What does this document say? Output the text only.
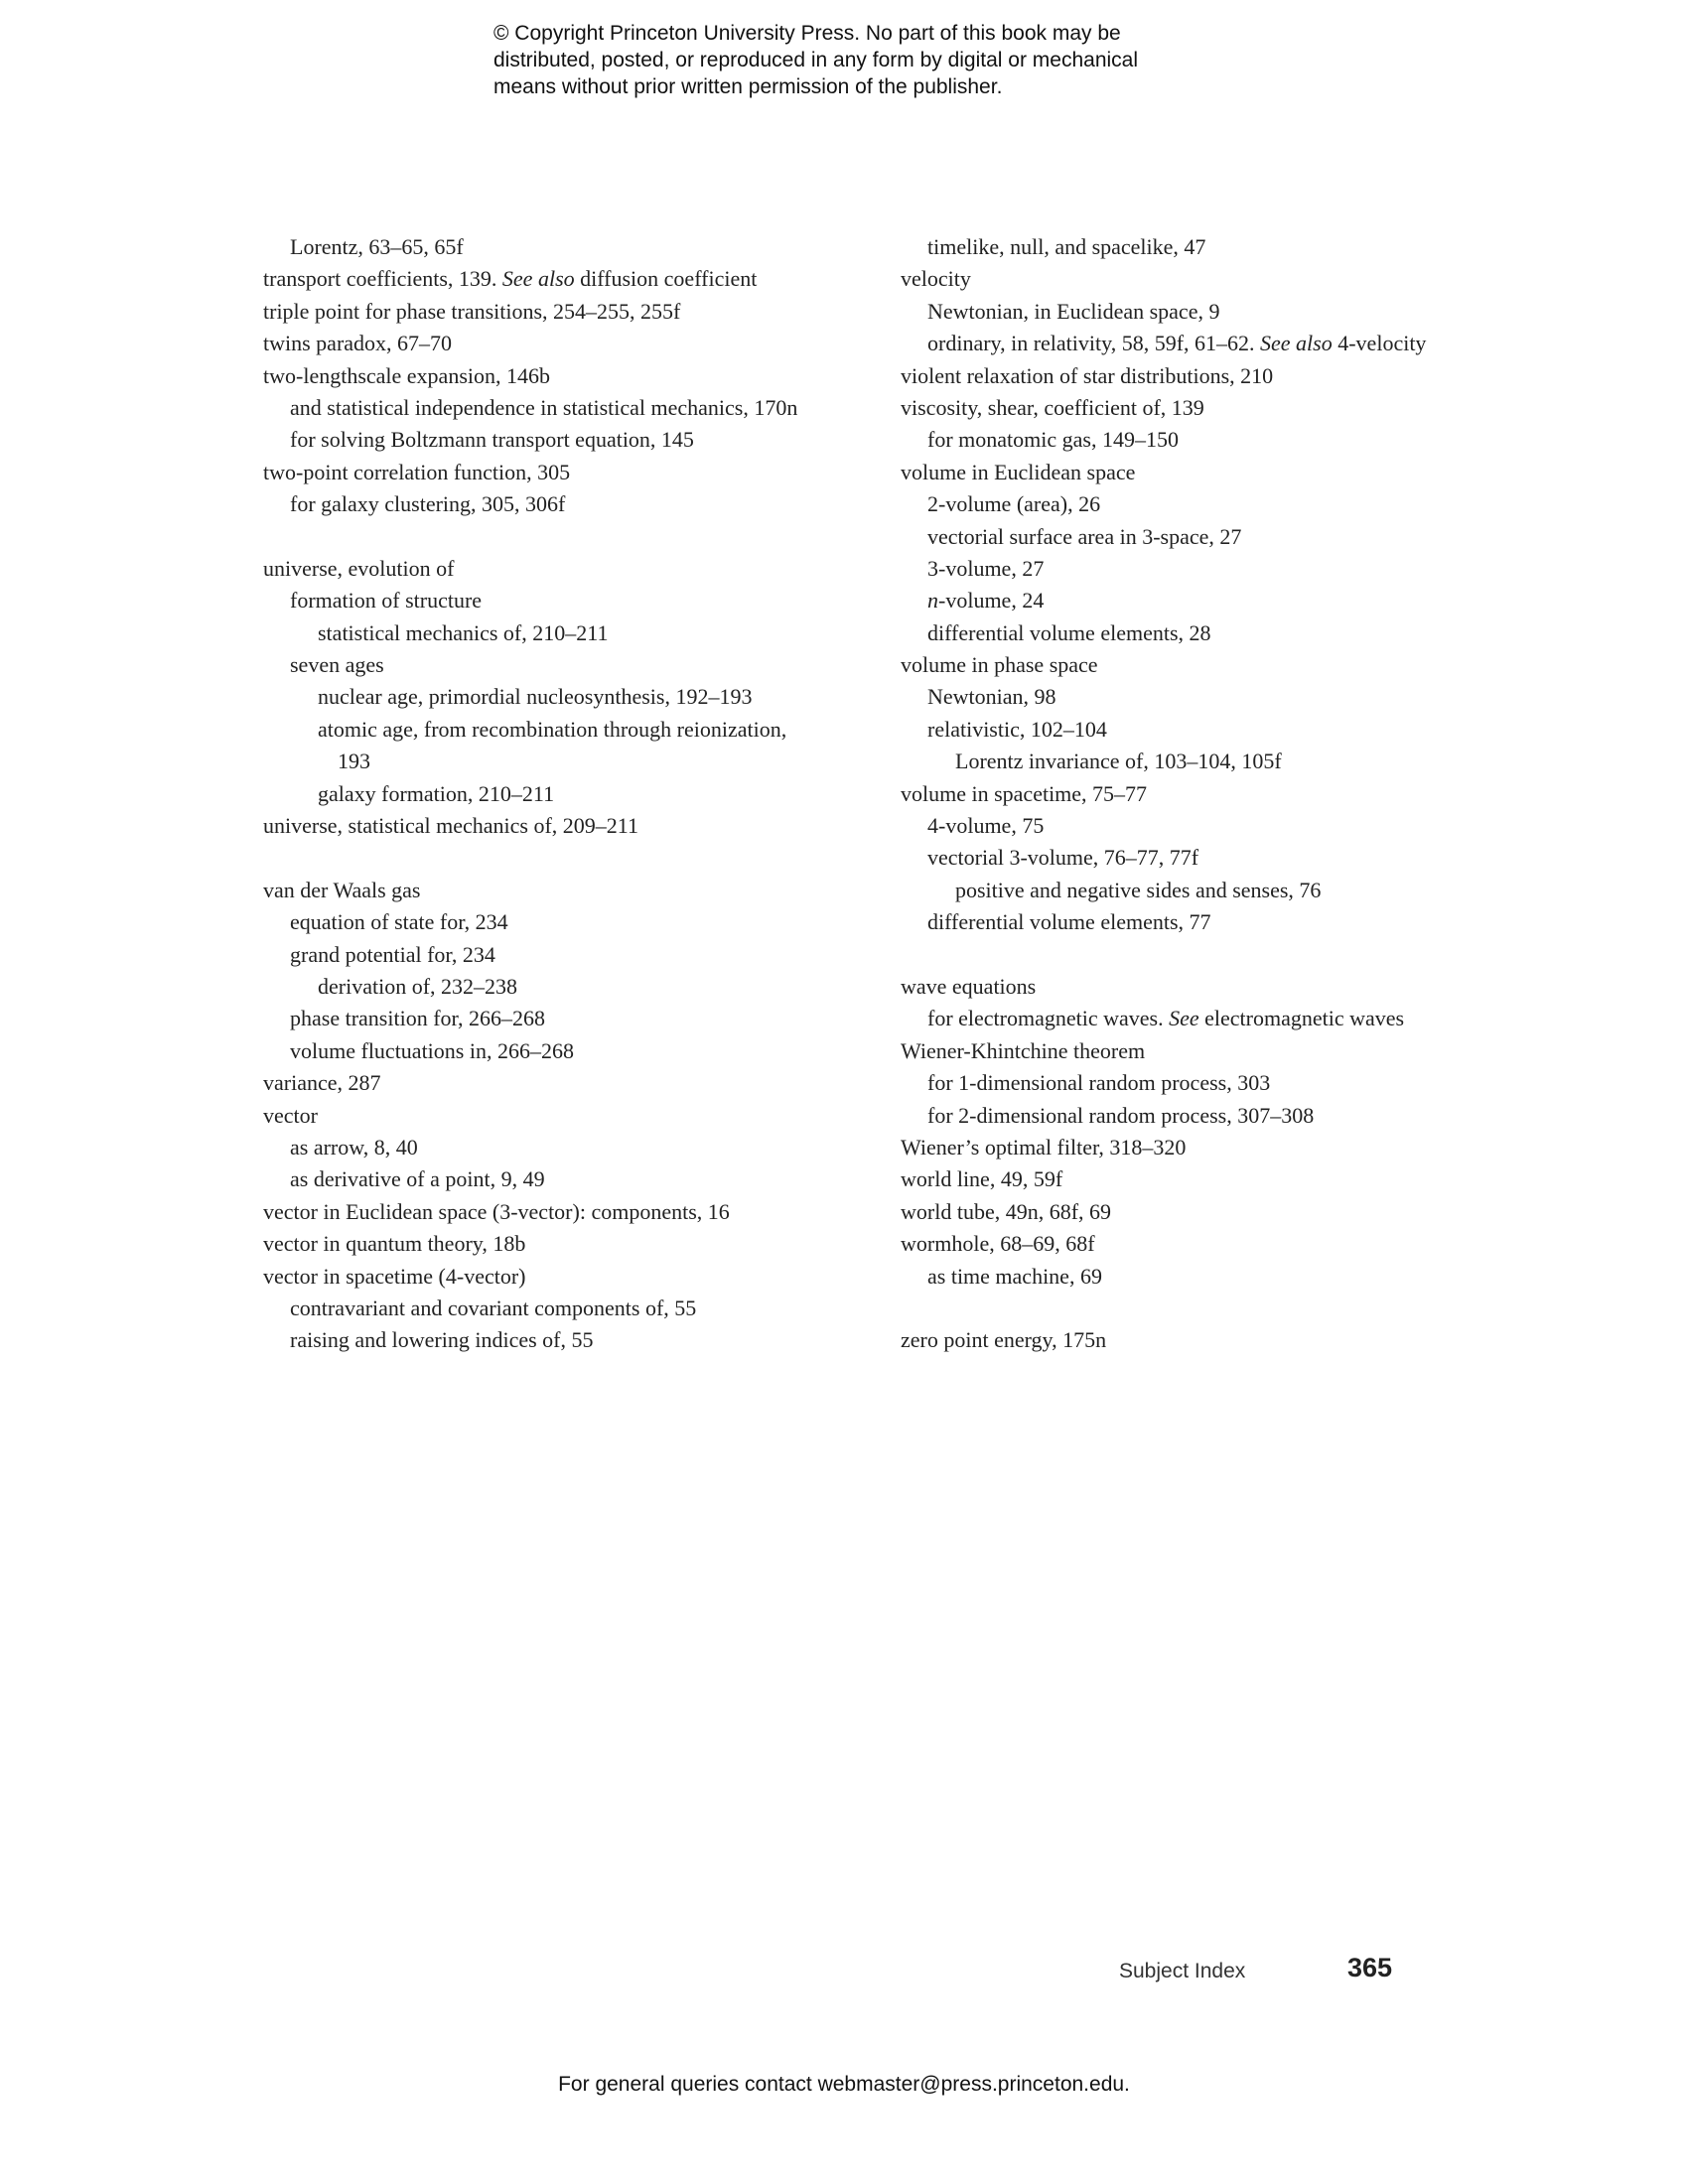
© Copyright Princeton University Press. No part of this book may be
distributed, posted, or reproduced in any form by digital or mechanical
means without prior written permission of the publisher.
Lorentz, 63–65, 65f
transport coefficients, 139. See also diffusion coefficient
triple point for phase transitions, 254–255, 255f
twins paradox, 67–70
two-lengthscale expansion, 146b
and statistical independence in statistical mechanics, 170n
for solving Boltzmann transport equation, 145
two-point correlation function, 305
for galaxy clustering, 305, 306f
universe, evolution of
formation of structure
statistical mechanics of, 210–211
seven ages
nuclear age, primordial nucleosynthesis, 192–193
atomic age, from recombination through reionization,
193
galaxy formation, 210–211
universe, statistical mechanics of, 209–211
van der Waals gas
equation of state for, 234
grand potential for, 234
derivation of, 232–238
phase transition for, 266–268
volume fluctuations in, 266–268
variance, 287
vector
as arrow, 8, 40
as derivative of a point, 9, 49
vector in Euclidean space (3-vector): components, 16
vector in quantum theory, 18b
vector in spacetime (4-vector)
contravariant and covariant components of, 55
raising and lowering indices of, 55
timelike, null, and spacelike, 47
velocity
Newtonian, in Euclidean space, 9
ordinary, in relativity, 58, 59f, 61–62. See also 4-velocity
violent relaxation of star distributions, 210
viscosity, shear, coefficient of, 139
for monatomic gas, 149–150
volume in Euclidean space
2-volume (area), 26
vectorial surface area in 3-space, 27
3-volume, 27
n-volume, 24
differential volume elements, 28
volume in phase space
Newtonian, 98
relativistic, 102–104
Lorentz invariance of, 103–104, 105f
volume in spacetime, 75–77
4-volume, 75
vectorial 3-volume, 76–77, 77f
positive and negative sides and senses, 76
differential volume elements, 77
wave equations
for electromagnetic waves. See electromagnetic waves
Wiener-Khintchine theorem
for 1-dimensional random process, 303
for 2-dimensional random process, 307–308
Wiener’s optimal filter, 318–320
world line, 49, 59f
world tube, 49n, 68f, 69
wormhole, 68–69, 68f
as time machine, 69
zero point energy, 175n
Subject Index	365
For general queries contact webmaster@press.princeton.edu.
